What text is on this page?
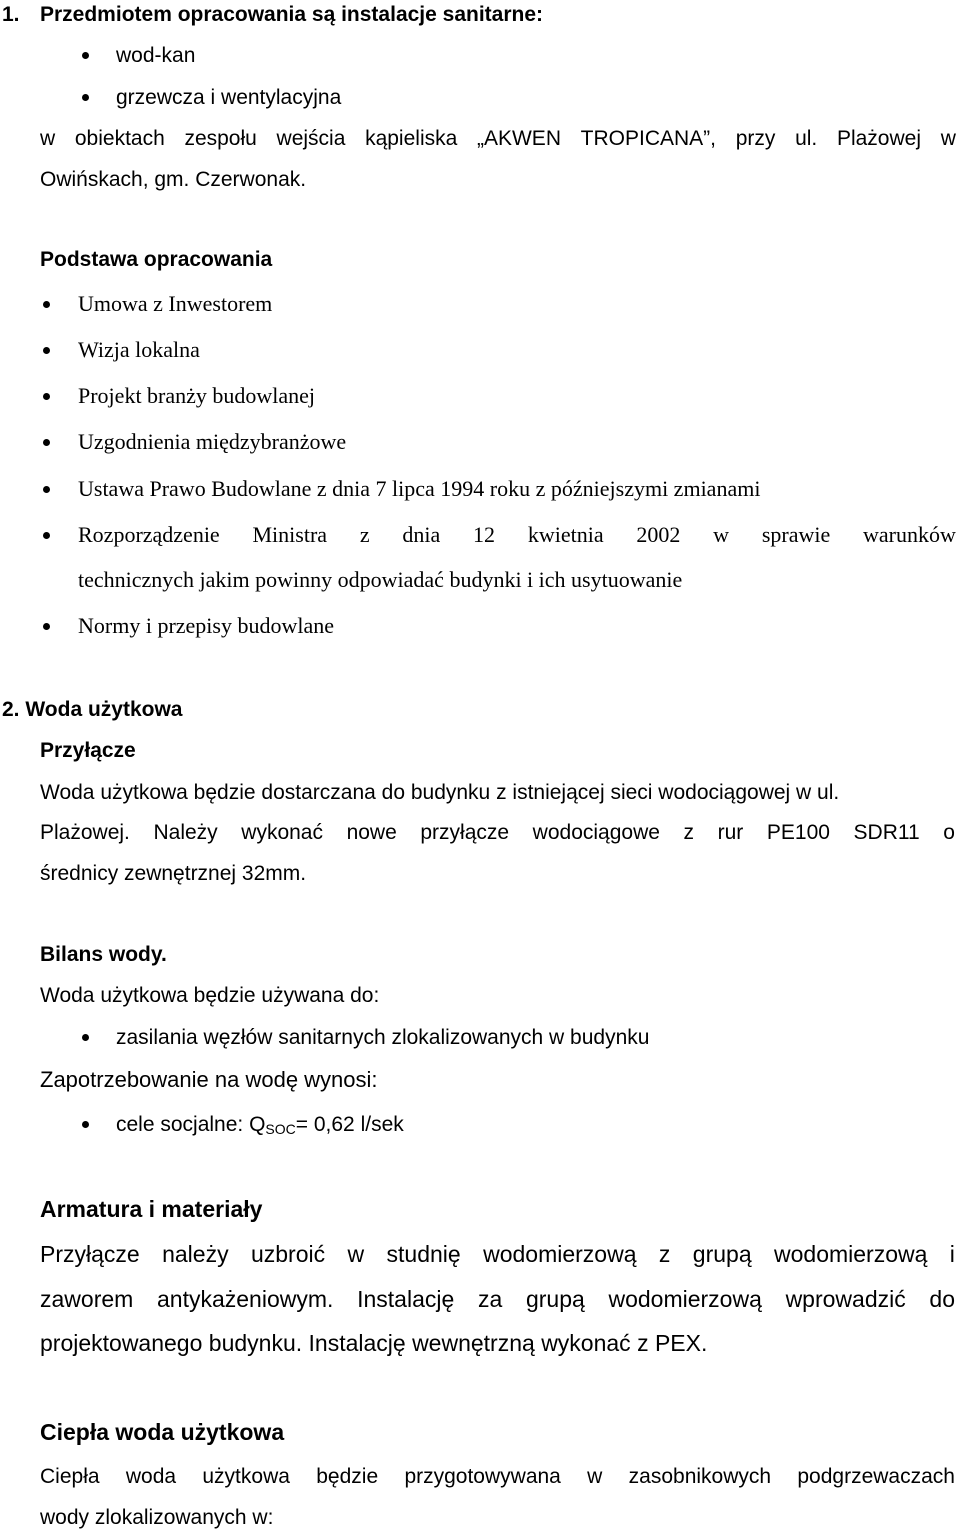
1. Przedmiotem opracowania są instalacje sanitarne:
wod-kan
grzewcza i wentylacyjna
w obiektach zespołu wejścia kąpieliska „AKWEN TROPICANA”, przy ul. Plażowej w
Owińskach, gm. Czerwonak.
Podstawa opracowania
Umowa z Inwestorem
Wizja lokalna
Projekt branży budowlanej
Uzgodnienia międzybranżowe
Ustawa Prawo Budowlane z dnia 7 lipca 1994 roku z późniejszymi zmianami
Rozporządzenie Ministra z dnia 12 kwietnia 2002 w sprawie warunków
technicznych jakim powinny odpowiadać budynki i ich usytuowanie
Normy i przepisy budowlane
2. Woda użytkowa
Przyłącze
Woda użytkowa będzie dostarczana do budynku z istniejącej sieci wodociągowej w ul.
Plażowej. Należy wykonać nowe przyłącze wodociągowe z rur PE100 SDR11 o
średnicy zewnętrznej 32mm.
Bilans wody.
Woda użytkowa będzie używana do:
zasilania węzłów sanitarnych zlokalizowanych w budynku
Zapotrzebowanie na wodę wynosi:
cele socjalne: $Q_{SOC}= 0,62$ l/sek
Armatura i materiały
Przyłącze należy uzbroić w studnię wodomierzową z grupą wodomierzową i
zaworem antykażeniowym. Instalację za grupą wodomierzową wprowadzić do
projektowanego budynku. Instalację wewnętrzną wykonać z PEX.
Ciepła woda użytkowa
Ciepła woda użytkowa będzie przygotowywana w zasobnikowych podgrzewaczach
wody zlokalizowanych w:
